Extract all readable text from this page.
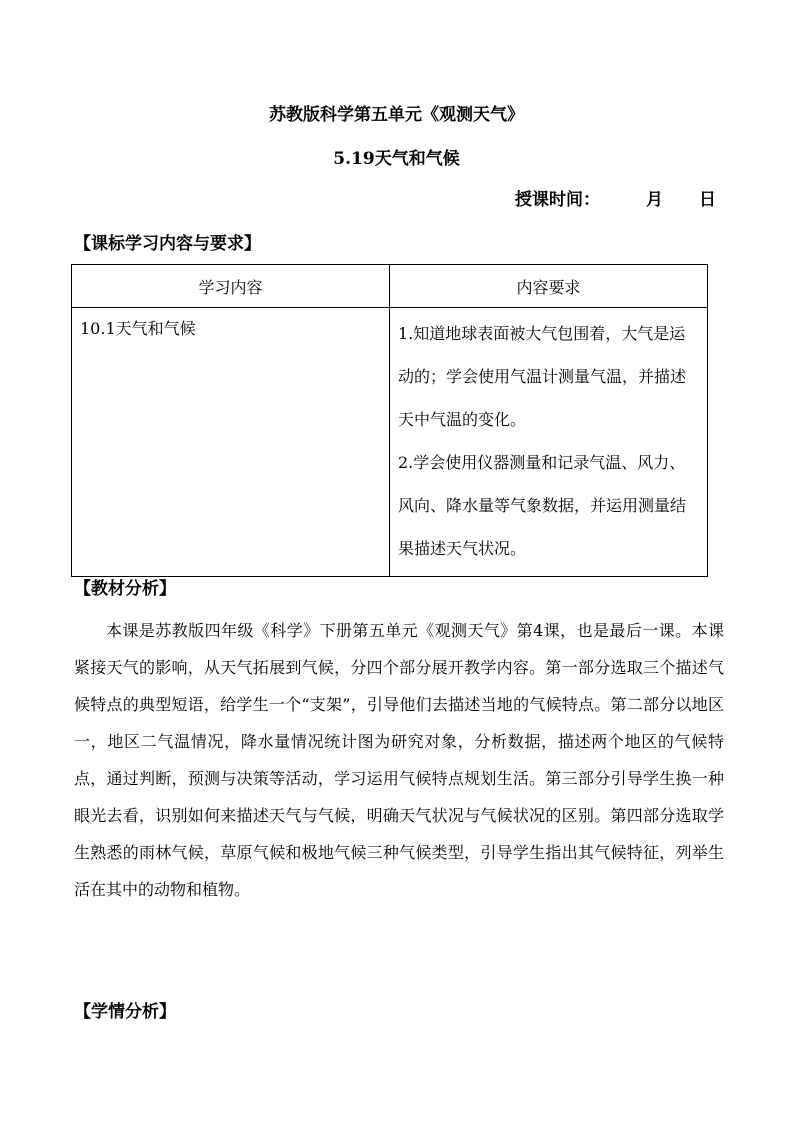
苏教版科学第五单元《观测天气》
5.19天气和气候
授课时间：	月 日
【课标学习内容与要求】
学习内容	内容要求
10.1天气和气候	1.知道地球表面被大气包围着，大气是运动的；学会使用气温计测量气温，并描述天中气温的变化。
2.学会使用仪器测量和记录气温、风力、风向、降水量等气象数据，并运用测量结果描述天气状况。
【教材分析】

本课是苏教版四年级《科学》下册第五单元《观测天气》第4课，也是最后一课。本课紧接天气的影响，从天气拓展到气候，分四个部分展开教学内容。第一部分选取三个描述气候特点的典型短语，给学生一个“支架”，引导他们去描述当地的气候特点。第二部分以地区一，地区二气温情况，降水量情况统计图为研究对象，分析数据，描述两个地区的气候特点，通过判断，预测与决策等活动，学习运用气候特点规划生活。第三部分引导学生换一种眼光去看，识别如何来描述天气与气候，明确天气状况与气候状况的区别。第四部分选取学生熟悉的雨林气候，草原气候和极地气候三种气候类型，引导学生指出其气候特征，列举生活在其中的动物和植物。

【学情分析】
